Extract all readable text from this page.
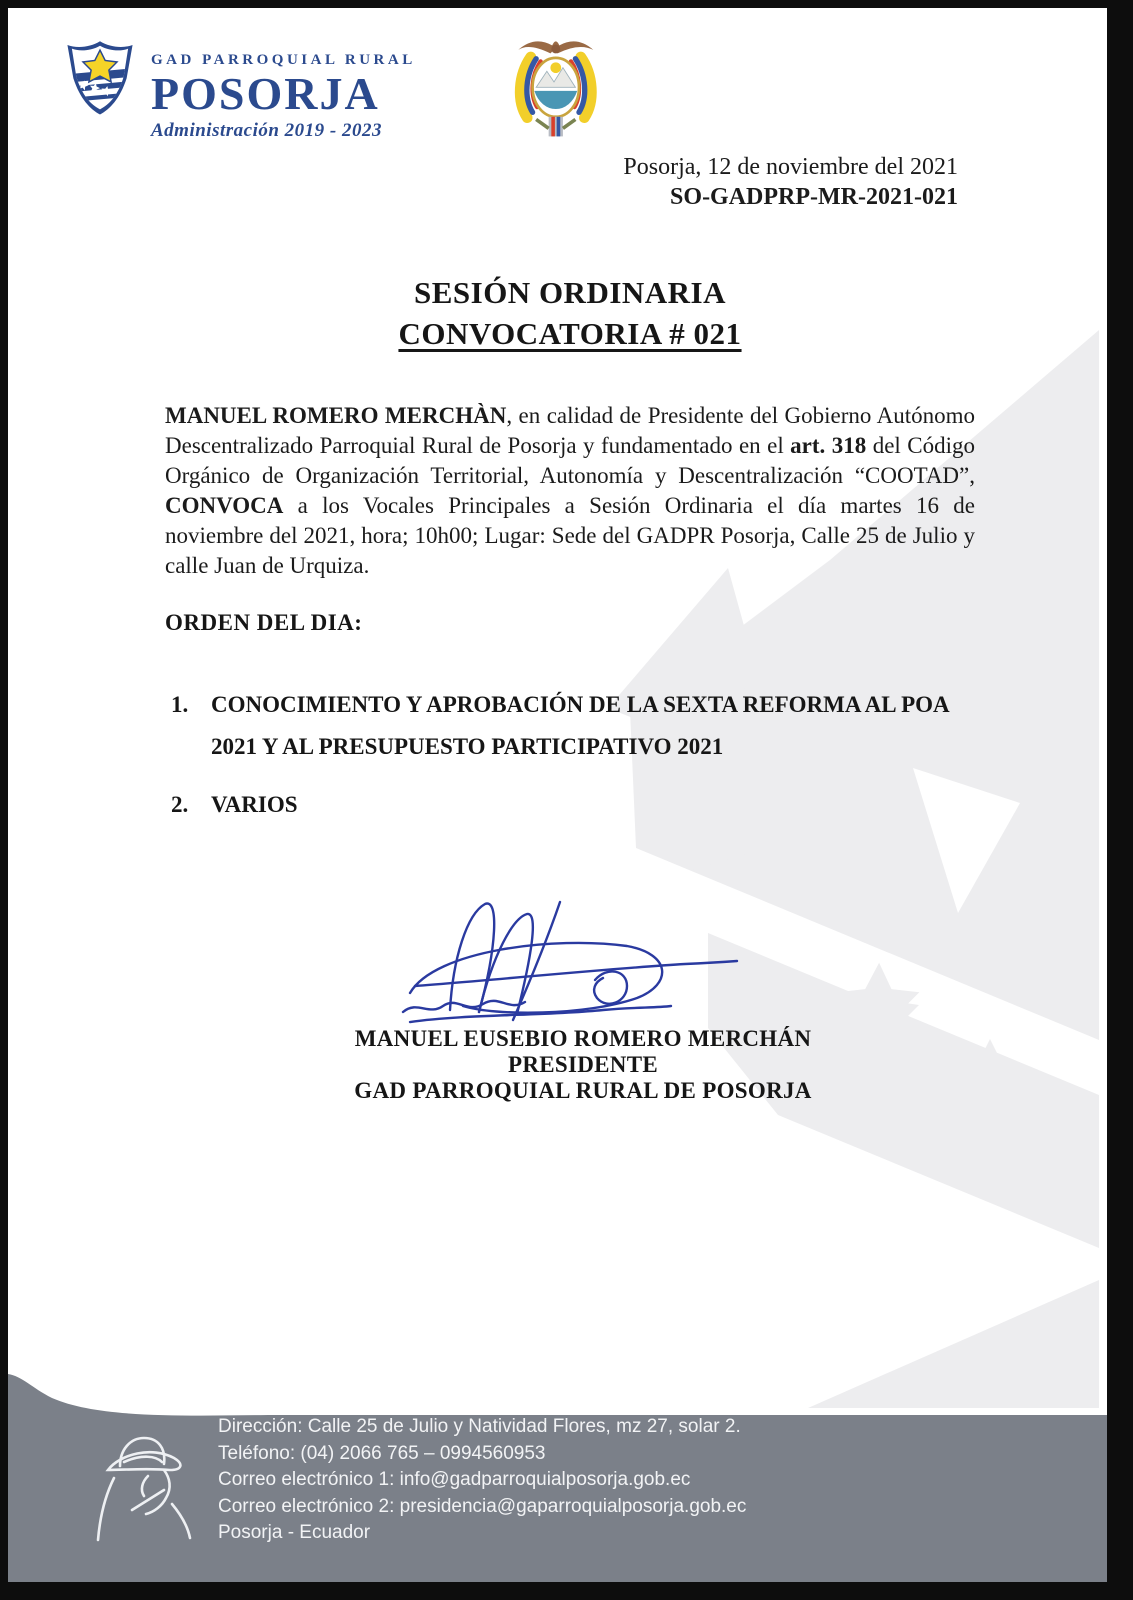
GAD PARROQUIAL RURAL
POSORJA
Administración 2019 - 2023
Posorja, 12 de noviembre del 2021
SO-GADPRP-MR-2021-021
SESIÓN ORDINARIA
CONVOCATORIA # 021

MANUEL ROMERO MERCHÀN, en calidad de Presidente del Gobierno Autónomo Descentralizado Parroquial Rural de Posorja y fundamentado en el art. 318 del Código Orgánico de Organización Territorial, Autonomía y Descentralización “COOTAD”, CONVOCA a los Vocales Principales a Sesión Ordinaria el día martes 16 de noviembre del 2021, hora; 10h00; Lugar: Sede del GADPR Posorja, Calle 25 de Julio y calle Juan de Urquiza.

ORDEN DEL DIA:
1. CONOCIMIENTO Y APROBACIÓN DE LA SEXTA REFORMA AL POA 2021 Y AL PRESUPUESTO PARTICIPATIVO 2021
2. VARIOS
MANUEL EUSEBIO ROMERO MERCHÁN
PRESIDENTE
GAD PARROQUIAL RURAL DE POSORJA
Dirección: Calle 25 de Julio y Natividad Flores, mz 27, solar 2.
Teléfono: (04) 2066 765 – 0994560953
Correo electrónico 1: info@gadparroquialposorja.gob.ec
Correo electrónico 2: presidencia@gaparroquialposorja.gob.ec
Posorja - Ecuador
